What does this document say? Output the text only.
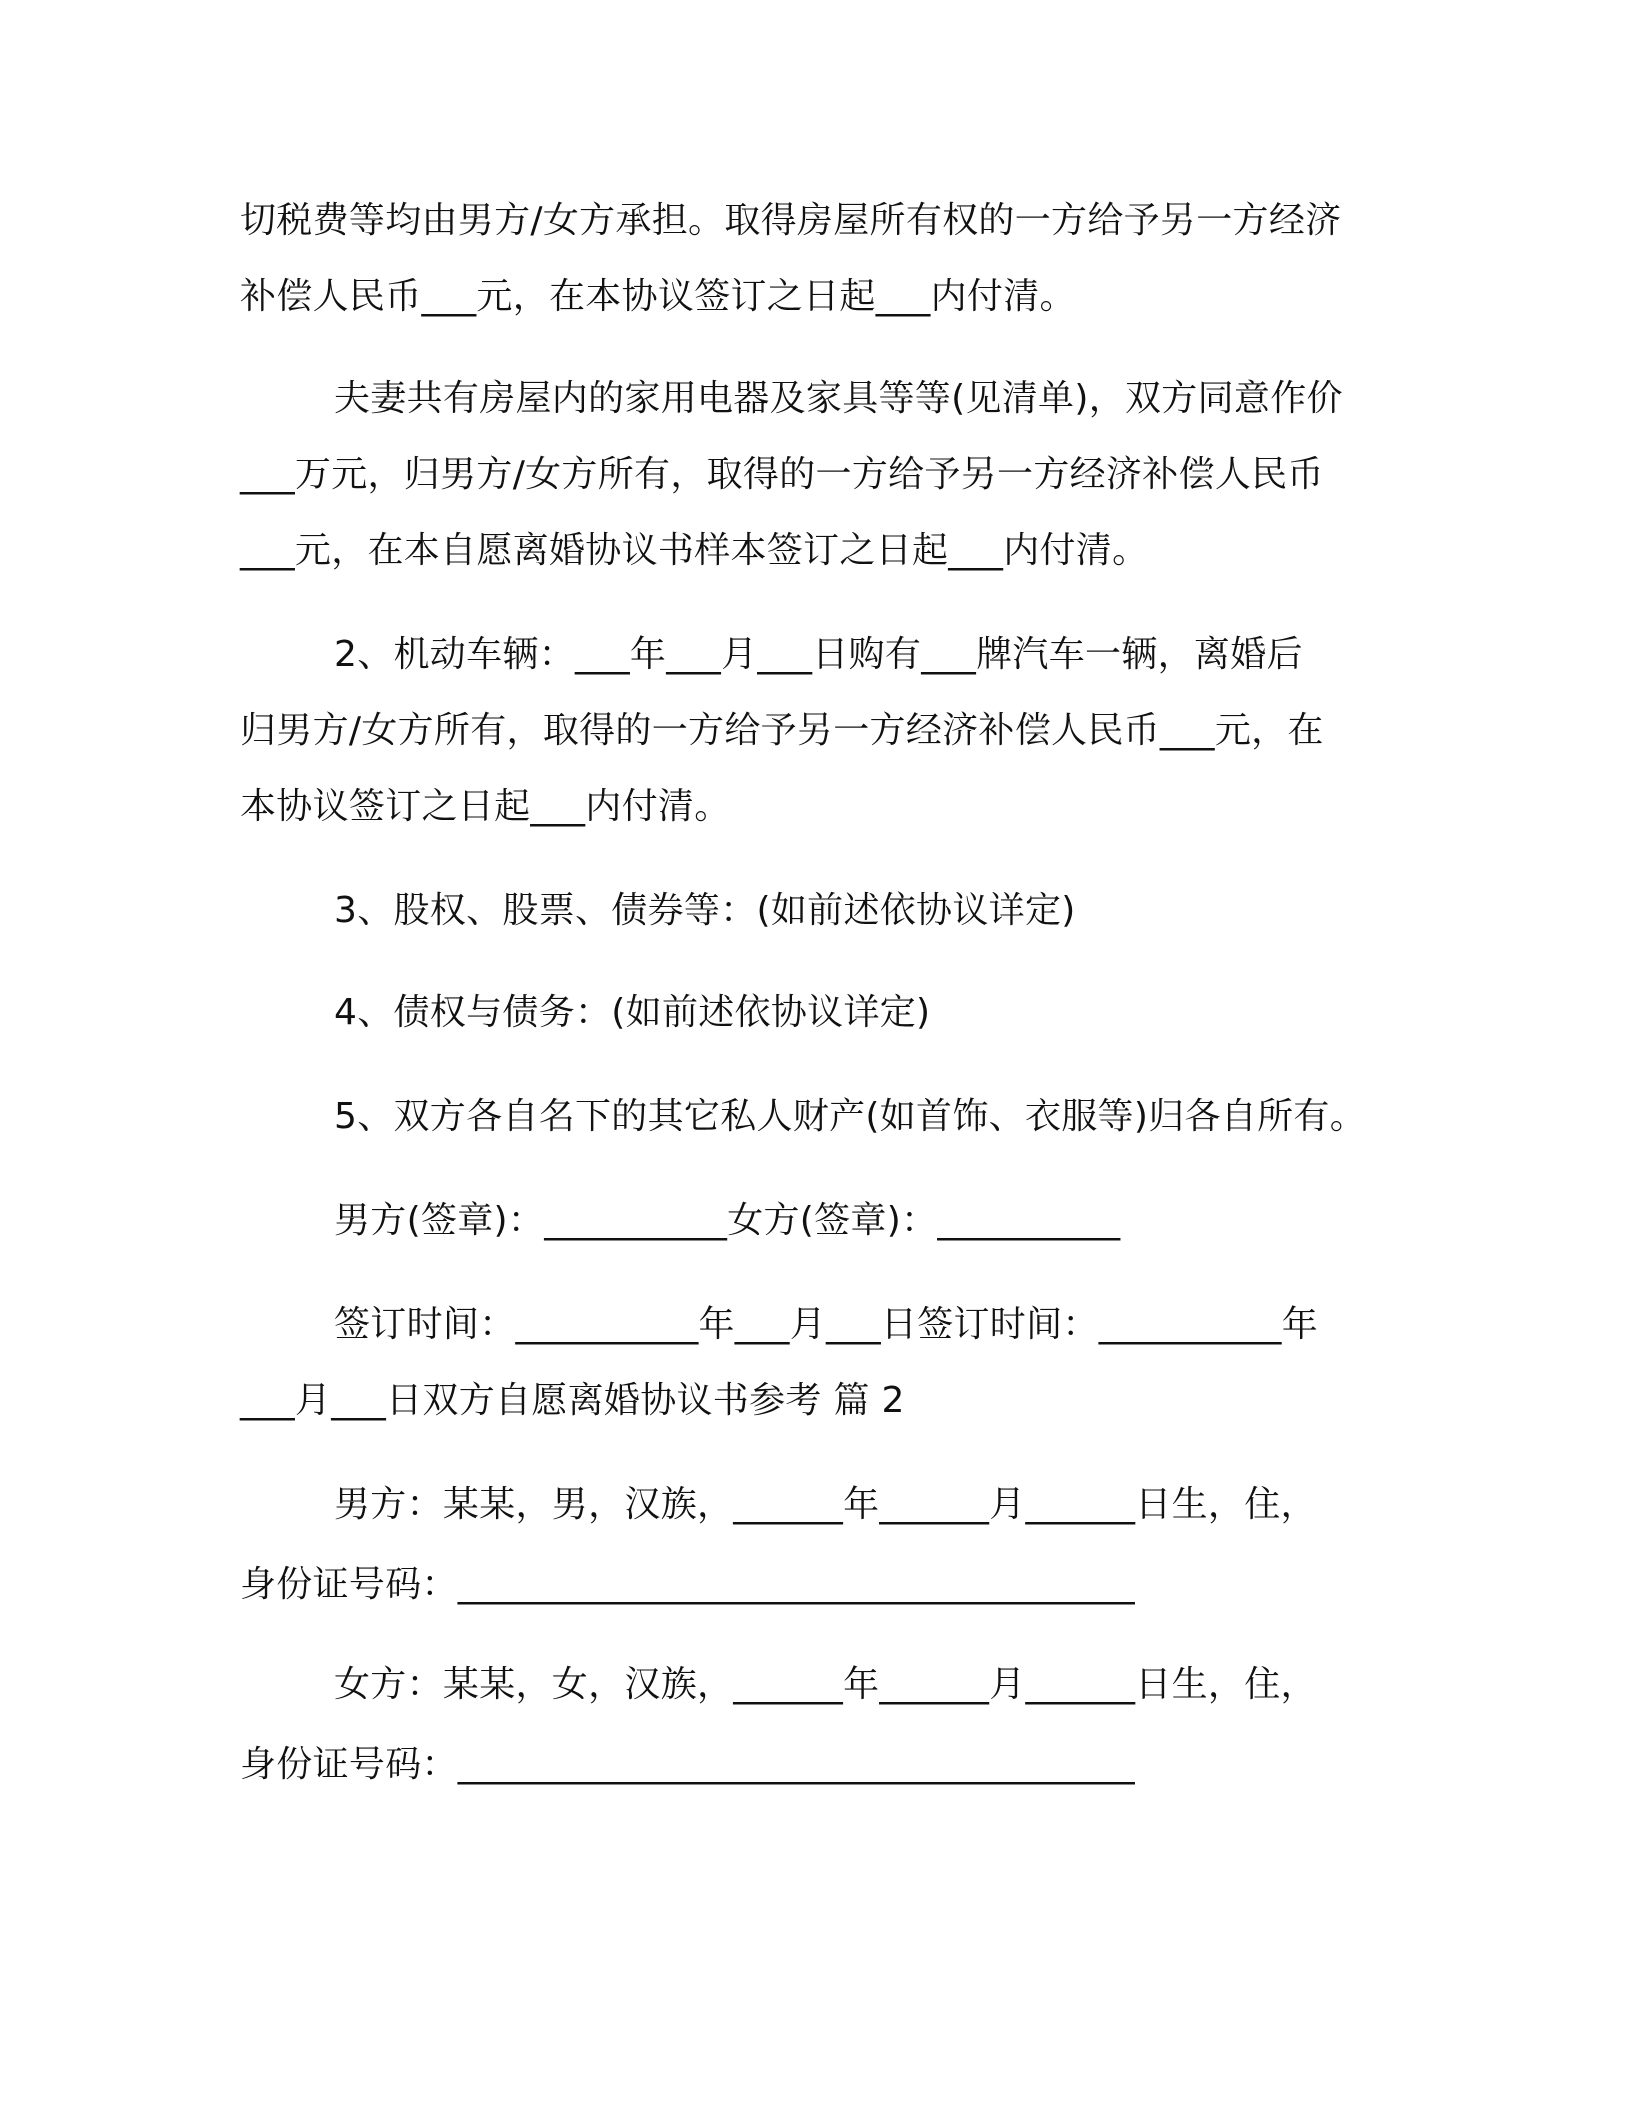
切税费等均由男方/女方承担。取得房屋所有权的一方给予另一方经济
补偿人民币___元，在本协议签订之日起___内付清。
夫妻共有房屋内的家用电器及家具等等(见清单)，双方同意作价
___万元，归男方/女方所有，取得的一方给予另一方经济补偿人民币
___元，在本自愿离婚协议书样本签订之日起___内付清。
2、机动车辆：___年___月___日购有___牌汽车一辆，离婚后
归男方/女方所有，取得的一方给予另一方经济补偿人民币___元，在
本协议签订之日起___内付清。
3、股权、股票、债券等：(如前述依协议详定)
4、债权与债务：(如前述依协议详定)
5、双方各自名下的其它私人财产(如首饰、衣服等)归各自所有。
男方(签章)：__________女方(签章)：__________
签订时间：__________年___月___日签订时间：__________年
___月___日双方自愿离婚协议书参考 篇 2
男方：某某，男，汉族，______年______月______日生，住，
身份证号码：_____________________________________
女方：某某，女，汉族，______年______月______日生，住，
身份证号码：_____________________________________
